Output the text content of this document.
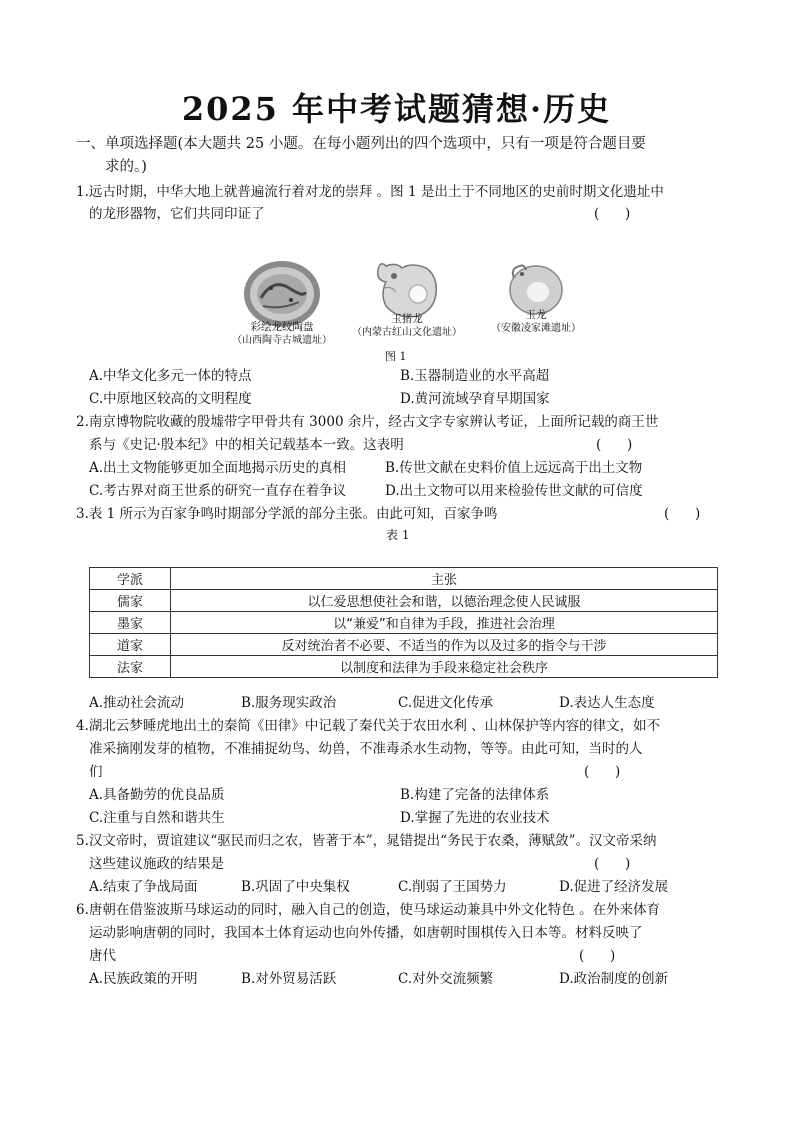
2025 年中考试题猜想·历史
一、单项选择题(本大题共 25 小题。在每小题列出的四个选项中，只有一项是符合题目要
求的。)
1.远古时期，中华大地上就普遍流行着对龙的崇拜 。图 1 是出土于不同地区的史前时期文化遗址中
的龙形器物，它们共同印证了	(      )
彩绘龙纹陶盘
（山西陶寺古城遗址）
玉猪龙
（内蒙古红山文化遗址）
玉龙
（安徽凌家滩遗址）
图 1
A.中华文化多元一体的特点	B.玉器制造业的水平高超
C.中原地区较高的文明程度	D.黄河流域孕育早期国家
2.南京博物院收藏的殷墟带字甲骨共有 3000 余片，经古文字专家辨认考证，上面所记载的商王世
系与《史记·殷本纪》中的相关记载基本一致。这表明	(      )
A.出土文物能够更加全面地揭示历史的真相	B.传世文献在史料价值上远远高于出土文物
C.考古界对商王世系的研究一直存在着争议	D.出土文物可以用来检验传世文献的可信度
3.表 1 所示为百家争鸣时期部分学派的部分主张。由此可知，百家争鸣	(      )
表 1
学派	主张
儒家	以仁爱思想使社会和谐，以德治理念使人民诚服
墨家	以“兼爱”和自律为手段，推进社会治理
道家	反对统治者不必要、不适当的作为以及过多的指令与干涉
法家	以制度和法律为手段来稳定社会秩序
A.推动社会流动	B.服务现实政治	C.促进文化传承	D.表达人生态度
4.湖北云梦睡虎地出土的秦简《田律》中记载了秦代关于农田水利 、山林保护等内容的律文，如不
准采摘刚发芽的植物，不准捕捉幼鸟、幼兽，不准毒杀水生动物，等等。由此可知，当时的人
们	(      )
A.具备勤劳的优良品质	B.构建了完备的法律体系
C.注重与自然和谐共生	D.掌握了先进的农业技术
5.汉文帝时，贾谊建议“驱民而归之农，皆著于本”，晁错提出“务民于农桑，薄赋敛”。汉文帝采纳
这些建议施政的结果是	(      )
A.结束了争战局面	B.巩固了中央集权	C.削弱了王国势力	D.促进了经济发展
6.唐朝在借鉴波斯马球运动的同时，融入自己的创造，使马球运动兼具中外文化特色 。在外来体育
运动影响唐朝的同时，我国本土体育运动也向外传播，如唐朝时围棋传入日本等。材料反映了
唐代	(      )
A.民族政策的开明	B.对外贸易活跃	C.对外交流频繁	D.政治制度的创新
